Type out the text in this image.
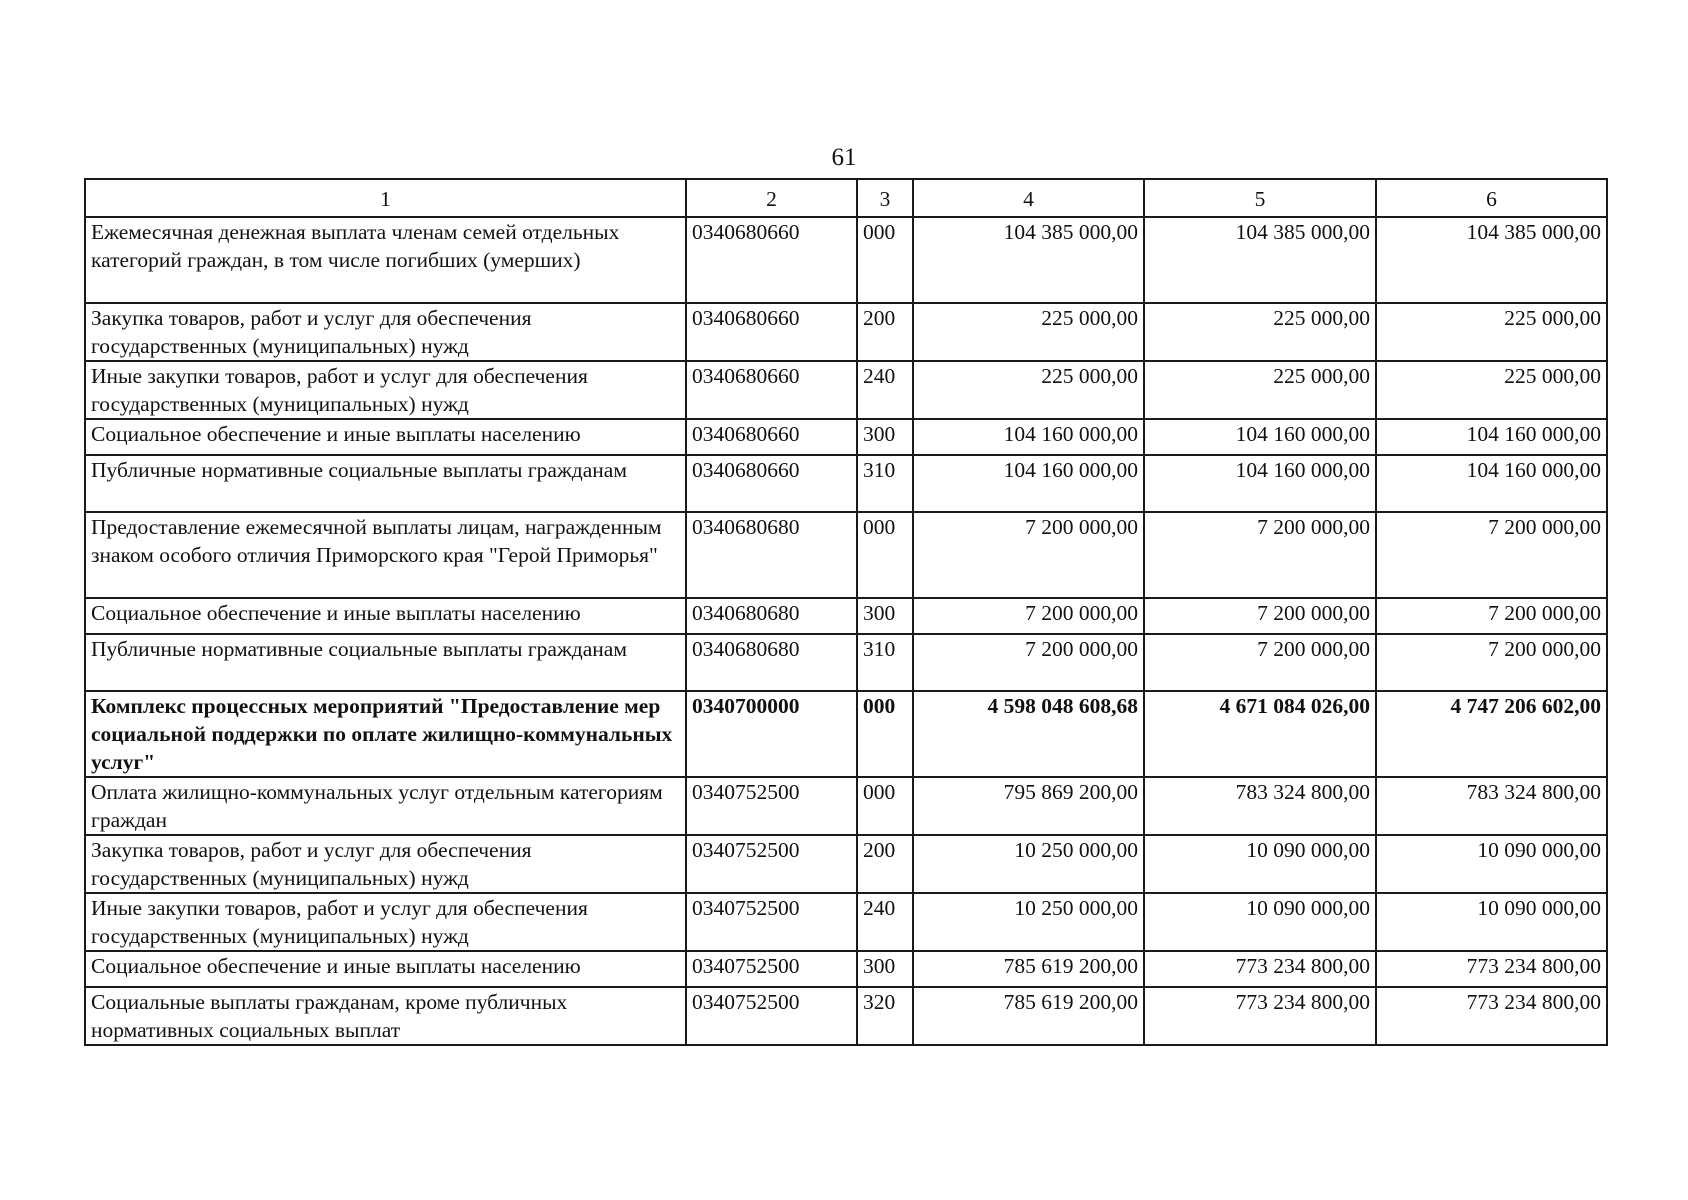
61
1	2	3	4	5	6
Ежемесячная денежная выплата членам семей отдельных категорий граждан, в том числе погибших (умерших)	0340680660	000	104 385 000,00	104 385 000,00	104 385 000,00
Закупка товаров, работ и услуг для обеспечения государственных (муниципальных) нужд	0340680660	200	225 000,00	225 000,00	225 000,00
Иные закупки товаров, работ и услуг для обеспечения государственных (муниципальных) нужд	0340680660	240	225 000,00	225 000,00	225 000,00
Социальное обеспечение и иные выплаты населению	0340680660	300	104 160 000,00	104 160 000,00	104 160 000,00
Публичные нормативные социальные выплаты гражданам	0340680660	310	104 160 000,00	104 160 000,00	104 160 000,00
Предоставление ежемесячной выплаты лицам, награжденным знаком особого отличия Приморского края "Герой Приморья"	0340680680	000	7 200 000,00	7 200 000,00	7 200 000,00
Социальное обеспечение и иные выплаты населению	0340680680	300	7 200 000,00	7 200 000,00	7 200 000,00
Публичные нормативные социальные выплаты гражданам	0340680680	310	7 200 000,00	7 200 000,00	7 200 000,00
Комплекс процессных мероприятий "Предоставление мер социальной поддержки по оплате жилищно-коммунальных услуг"	0340700000	000	4 598 048 608,68	4 671 084 026,00	4 747 206 602,00
Оплата жилищно-коммунальных услуг отдельным категориям граждан	0340752500	000	795 869 200,00	783 324 800,00	783 324 800,00
Закупка товаров, работ и услуг для обеспечения государственных (муниципальных) нужд	0340752500	200	10 250 000,00	10 090 000,00	10 090 000,00
Иные закупки товаров, работ и услуг для обеспечения государственных (муниципальных) нужд	0340752500	240	10 250 000,00	10 090 000,00	10 090 000,00
Социальное обеспечение и иные выплаты населению	0340752500	300	785 619 200,00	773 234 800,00	773 234 800,00
Социальные выплаты гражданам, кроме публичных нормативных социальных выплат	0340752500	320	785 619 200,00	773 234 800,00	773 234 800,00
